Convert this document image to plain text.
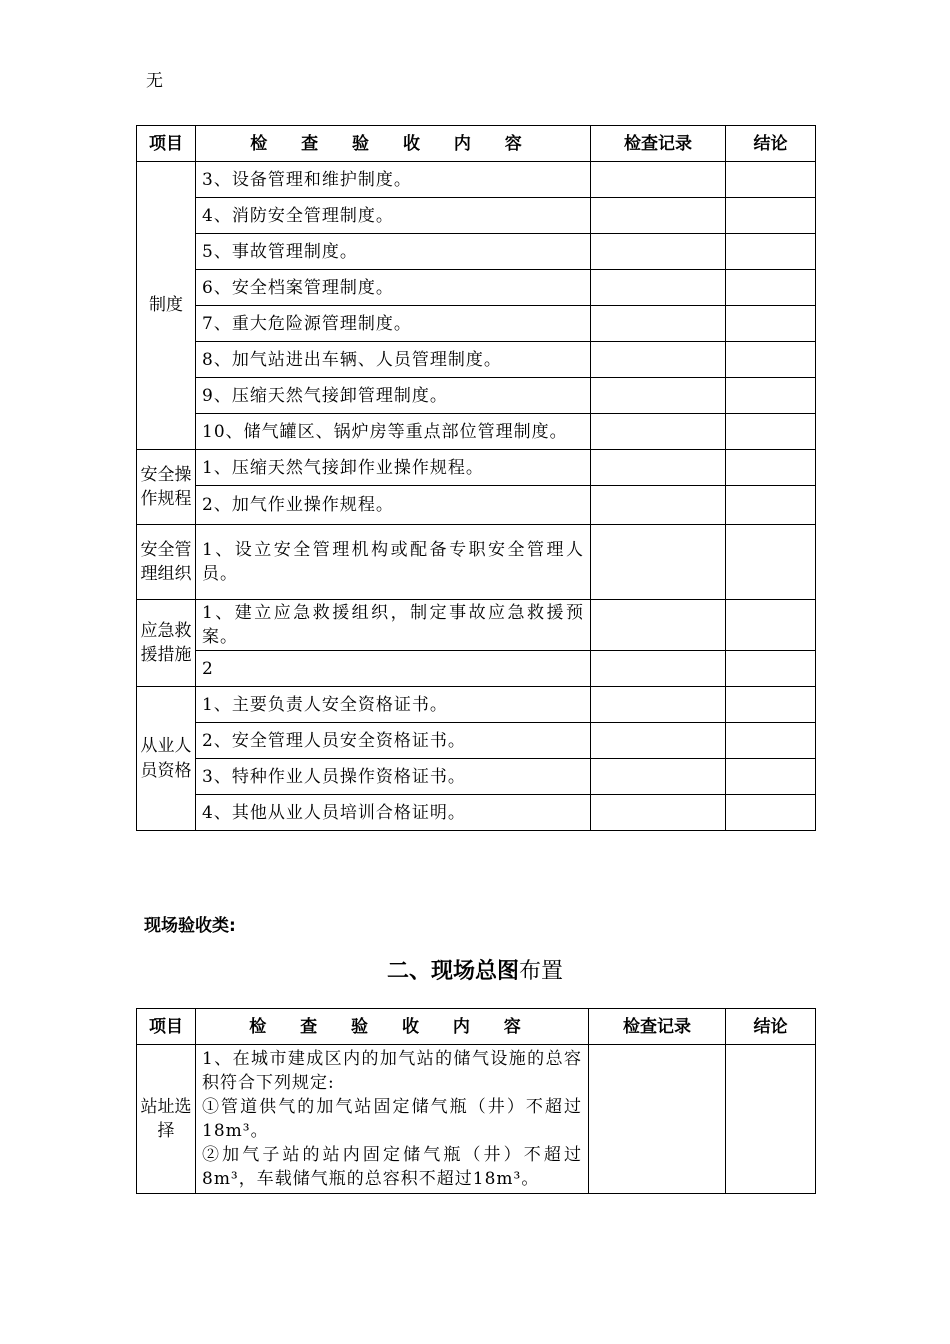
无
项目	检 查 验 收 内 容	检查记录	结论
制度	3、设备管理和维护制度。		
	4、消防安全管理制度。		
	5、事故管理制度。		
	6、安全档案管理制度。		
	7、重大危险源管理制度。		
	8、加气站进出车辆、人员管理制度。		
	9、压缩天然气接卸管理制度。		
	10、储气罐区、锅炉房等重点部位管理制度。		
安全操作规程	1、压缩天然气接卸作业操作规程。		
	2、加气作业操作规程。		
安全管理组织	1、设立安全管理机构或配备专职安全管理人员。		
应急救援措施	1、建立应急救援组织，制定事故应急救援预案。		
	2		
从业人员资格	1、主要负责人安全资格证书。		
	2、安全管理人员安全资格证书。		
	3、特种作业人员操作资格证书。		
	4、其他从业人员培训合格证明。		
现场验收类:
二、现场总图布置
项目	检 查 验 收 内 容	检查记录	结论
站址选择	1、在城市建成区内的加气站的储气设施的总容积符合下列规定:
①管道供气的加气站固定储气瓶（井）不超过18m³。
②加气子站的站内固定储气瓶（井）不超过8m³，车载储气瓶的总容积不超过18m³。		
